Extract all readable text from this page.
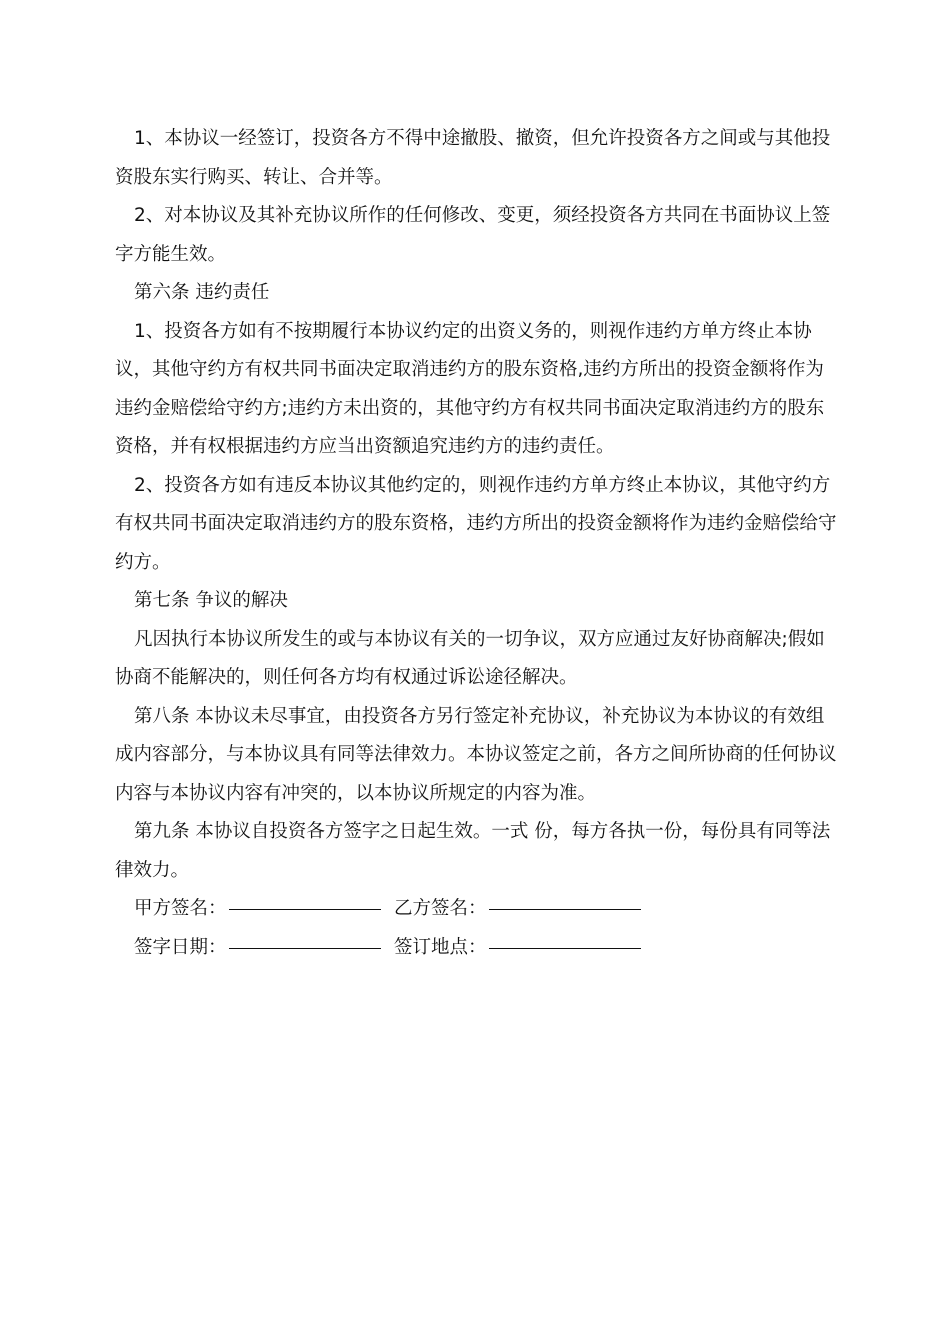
1、本协议一经签订，投资各方不得中途撤股、撤资，但允许投资各方之间或与其他投资股东实行购买、转让、合并等。

2、对本协议及其补充协议所作的任何修改、变更，须经投资各方共同在书面协议上签字方能生效。

第六条 违约责任

1、投资各方如有不按期履行本协议约定的出资义务的，则视作违约方单方终止本协议，其他守约方有权共同书面决定取消违约方的股东资格,违约方所出的投资金额将作为违约金赔偿给守约方;违约方未出资的，其他守约方有权共同书面决定取消违约方的股东资格，并有权根据违约方应当出资额追究违约方的违约责任。

2、投资各方如有违反本协议其他约定的，则视作违约方单方终止本协议，其他守约方有权共同书面决定取消违约方的股东资格，违约方所出的投资金额将作为违约金赔偿给守约方。

第七条 争议的解决

凡因执行本协议所发生的或与本协议有关的一切争议，双方应通过友好协商解决;假如协商不能解决的，则任何各方均有权通过诉讼途径解决。

第八条 本协议未尽事宜，由投资各方另行签定补充协议，补充协议为本协议的有效组成内容部分，与本协议具有同等法律效力。本协议签定之前，各方之间所协商的任何协议内容与本协议内容有冲突的，以本协议所规定的内容为准。

第九条 本协议自投资各方签字之日起生效。一式 份，每方各执一份，每份具有同等法律效力。

甲方签名：	乙方签名：
签字日期：	签订地点：
